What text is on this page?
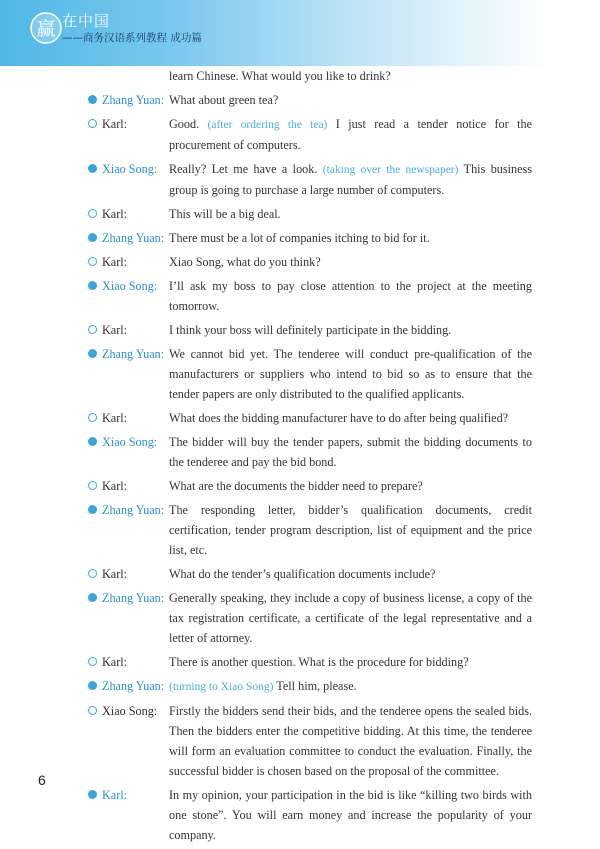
赢 在中国
——商务汉语系列教程 成功篇
learn Chinese. What would you like to drink?
Zhang Yuan: What about green tea?
Karl:	Good. (after ordering the tea) I just read a tender notice for the procurement of computers.
Xiao Song: Really? Let me have a look. (taking over the newspaper) This business group is going to purchase a large number of computers.
Karl:	This will be a big deal.
Zhang Yuan: There must be a lot of companies itching to bid for it.
Karl:	Xiao Song, what do you think?
Xiao Song: I’ll ask my boss to pay close attention to the project at the meeting tomorrow.
Karl:	I think your boss will definitely participate in the bidding.
Zhang Yuan: We cannot bid yet. The tenderee will conduct pre-qualification of the manufacturers or suppliers who intend to bid so as to ensure that the tender papers are only distributed to the qualified applicants.
Karl:	What does the bidding manufacturer have to do after being qualified?
Xiao Song: The bidder will buy the tender papers, submit the bidding documents to the tenderee and pay the bid bond.
Karl:	What are the documents the bidder need to prepare?
Zhang Yuan: The responding letter, bidder’s qualification documents, credit certification, tender program description, list of equipment and the price list, etc.
Karl:	What do the tender’s qualification documents include?
Zhang Yuan: Generally speaking, they include a copy of business license, a copy of the tax registration certificate, a certificate of the legal representative and a letter of attorney.
Karl:	There is another question. What is the procedure for bidding?
Zhang Yuan: (turning to Xiao Song) Tell him, please.
Xiao Song: Firstly the bidders send their bids, and the tenderee opens the sealed bids. Then the bidders enter the competitive bidding. At this time, the tenderee will form an evaluation committee to conduct the evaluation. Finally, the successful bidder is chosen based on the proposal of the committee.
Karl:	In my opinion, your participation in the bid is like “killing two birds with one stone”. You will earn money and increase the popularity of your company.
6
